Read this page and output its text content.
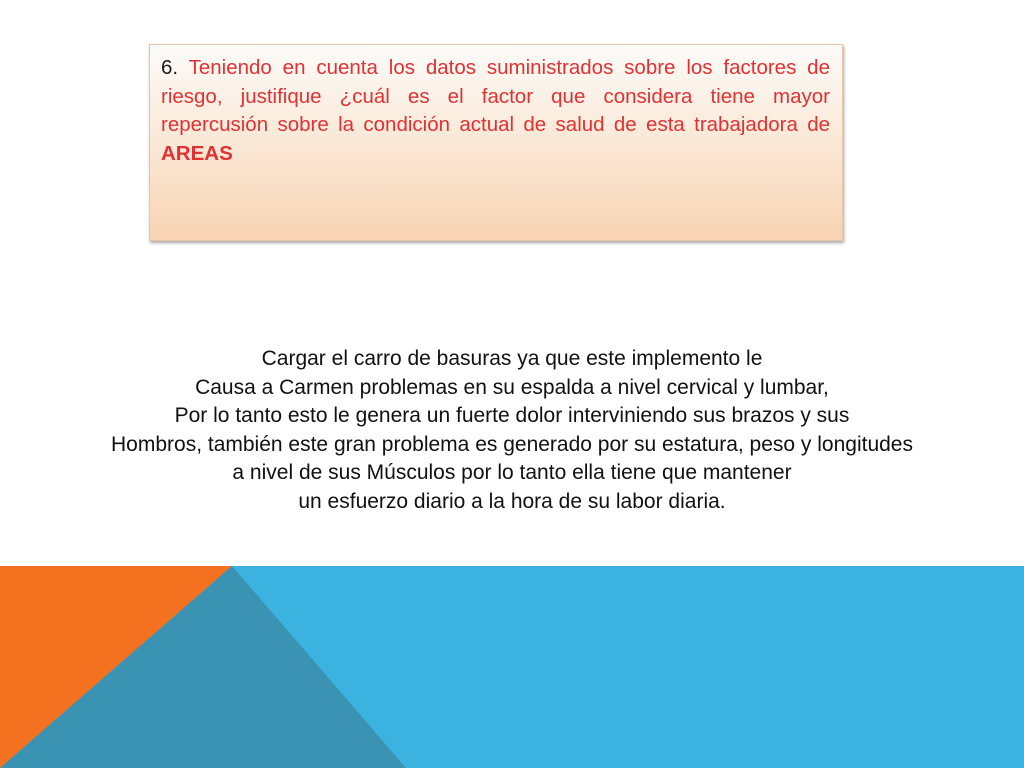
6. Teniendo en cuenta los datos suministrados sobre los factores de riesgo, justifique ¿cuál es el factor que considera tiene mayor repercusión sobre la condición actual de salud de esta trabajadora de AREAS

Cargar el carro de basuras ya que este implemento le
Causa a Carmen problemas en su espalda a nivel cervical y lumbar,
Por lo tanto esto le genera un fuerte dolor interviniendo sus brazos y sus
Hombros, también este gran problema es generado por su estatura, peso y longitudes
a nivel de sus Músculos por lo tanto ella tiene que mantener
un esfuerzo diario a la hora de su labor diaria.
